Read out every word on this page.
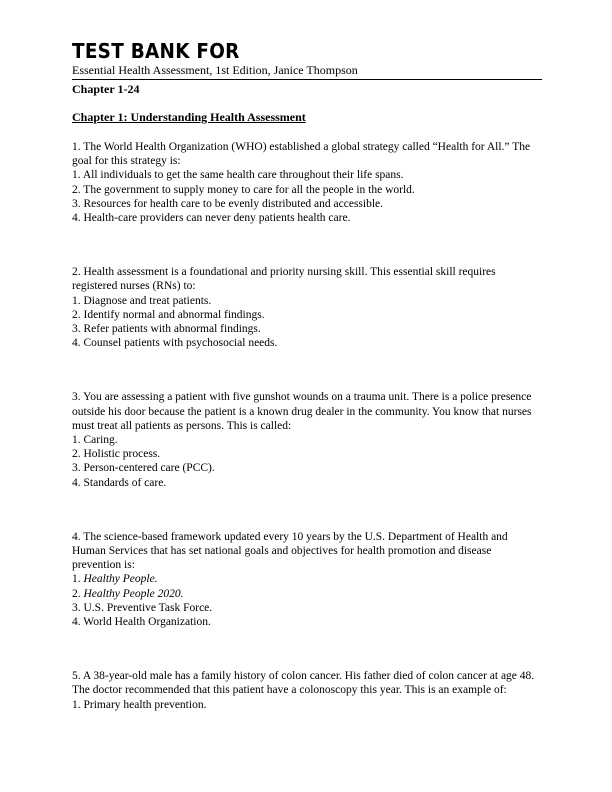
TEST BANK FOR
Essential Health Assessment, 1st Edition, Janice Thompson
Chapter 1-24
Chapter 1: Understanding Health Assessment

1. The World Health Organization (WHO) established a global strategy called “Health for All.” The goal for this strategy is:

1. All individuals to get the same health care throughout their life spans.

2. The government to supply money to care for all the people in the world.

3. Resources for health care to be evenly distributed and accessible.

4. Health-care providers can never deny patients health care.

2. Health assessment is a foundational and priority nursing skill. This essential skill requires registered nurses (RNs) to:

1. Diagnose and treat patients.

2. Identify normal and abnormal findings.

3. Refer patients with abnormal findings.

4. Counsel patients with psychosocial needs.

3. You are assessing a patient with five gunshot wounds on a trauma unit. There is a police presence outside his door because the patient is a known drug dealer in the community. You know that nurses must treat all patients as persons. This is called:

1. Caring.

2. Holistic process.

3. Person-centered care (PCC).

4. Standards of care.

4. The science-based framework updated every 10 years by the U.S. Department of Health and Human Services that has set national goals and objectives for health promotion and disease prevention is:

1. Healthy People.

2. Healthy People 2020.

3. U.S. Preventive Task Force.

4. World Health Organization.

5. A 38-year-old male has a family history of colon cancer. His father died of colon cancer at age 48. The doctor recommended that this patient have a colonoscopy this year. This is an example of:

1. Primary health prevention.
